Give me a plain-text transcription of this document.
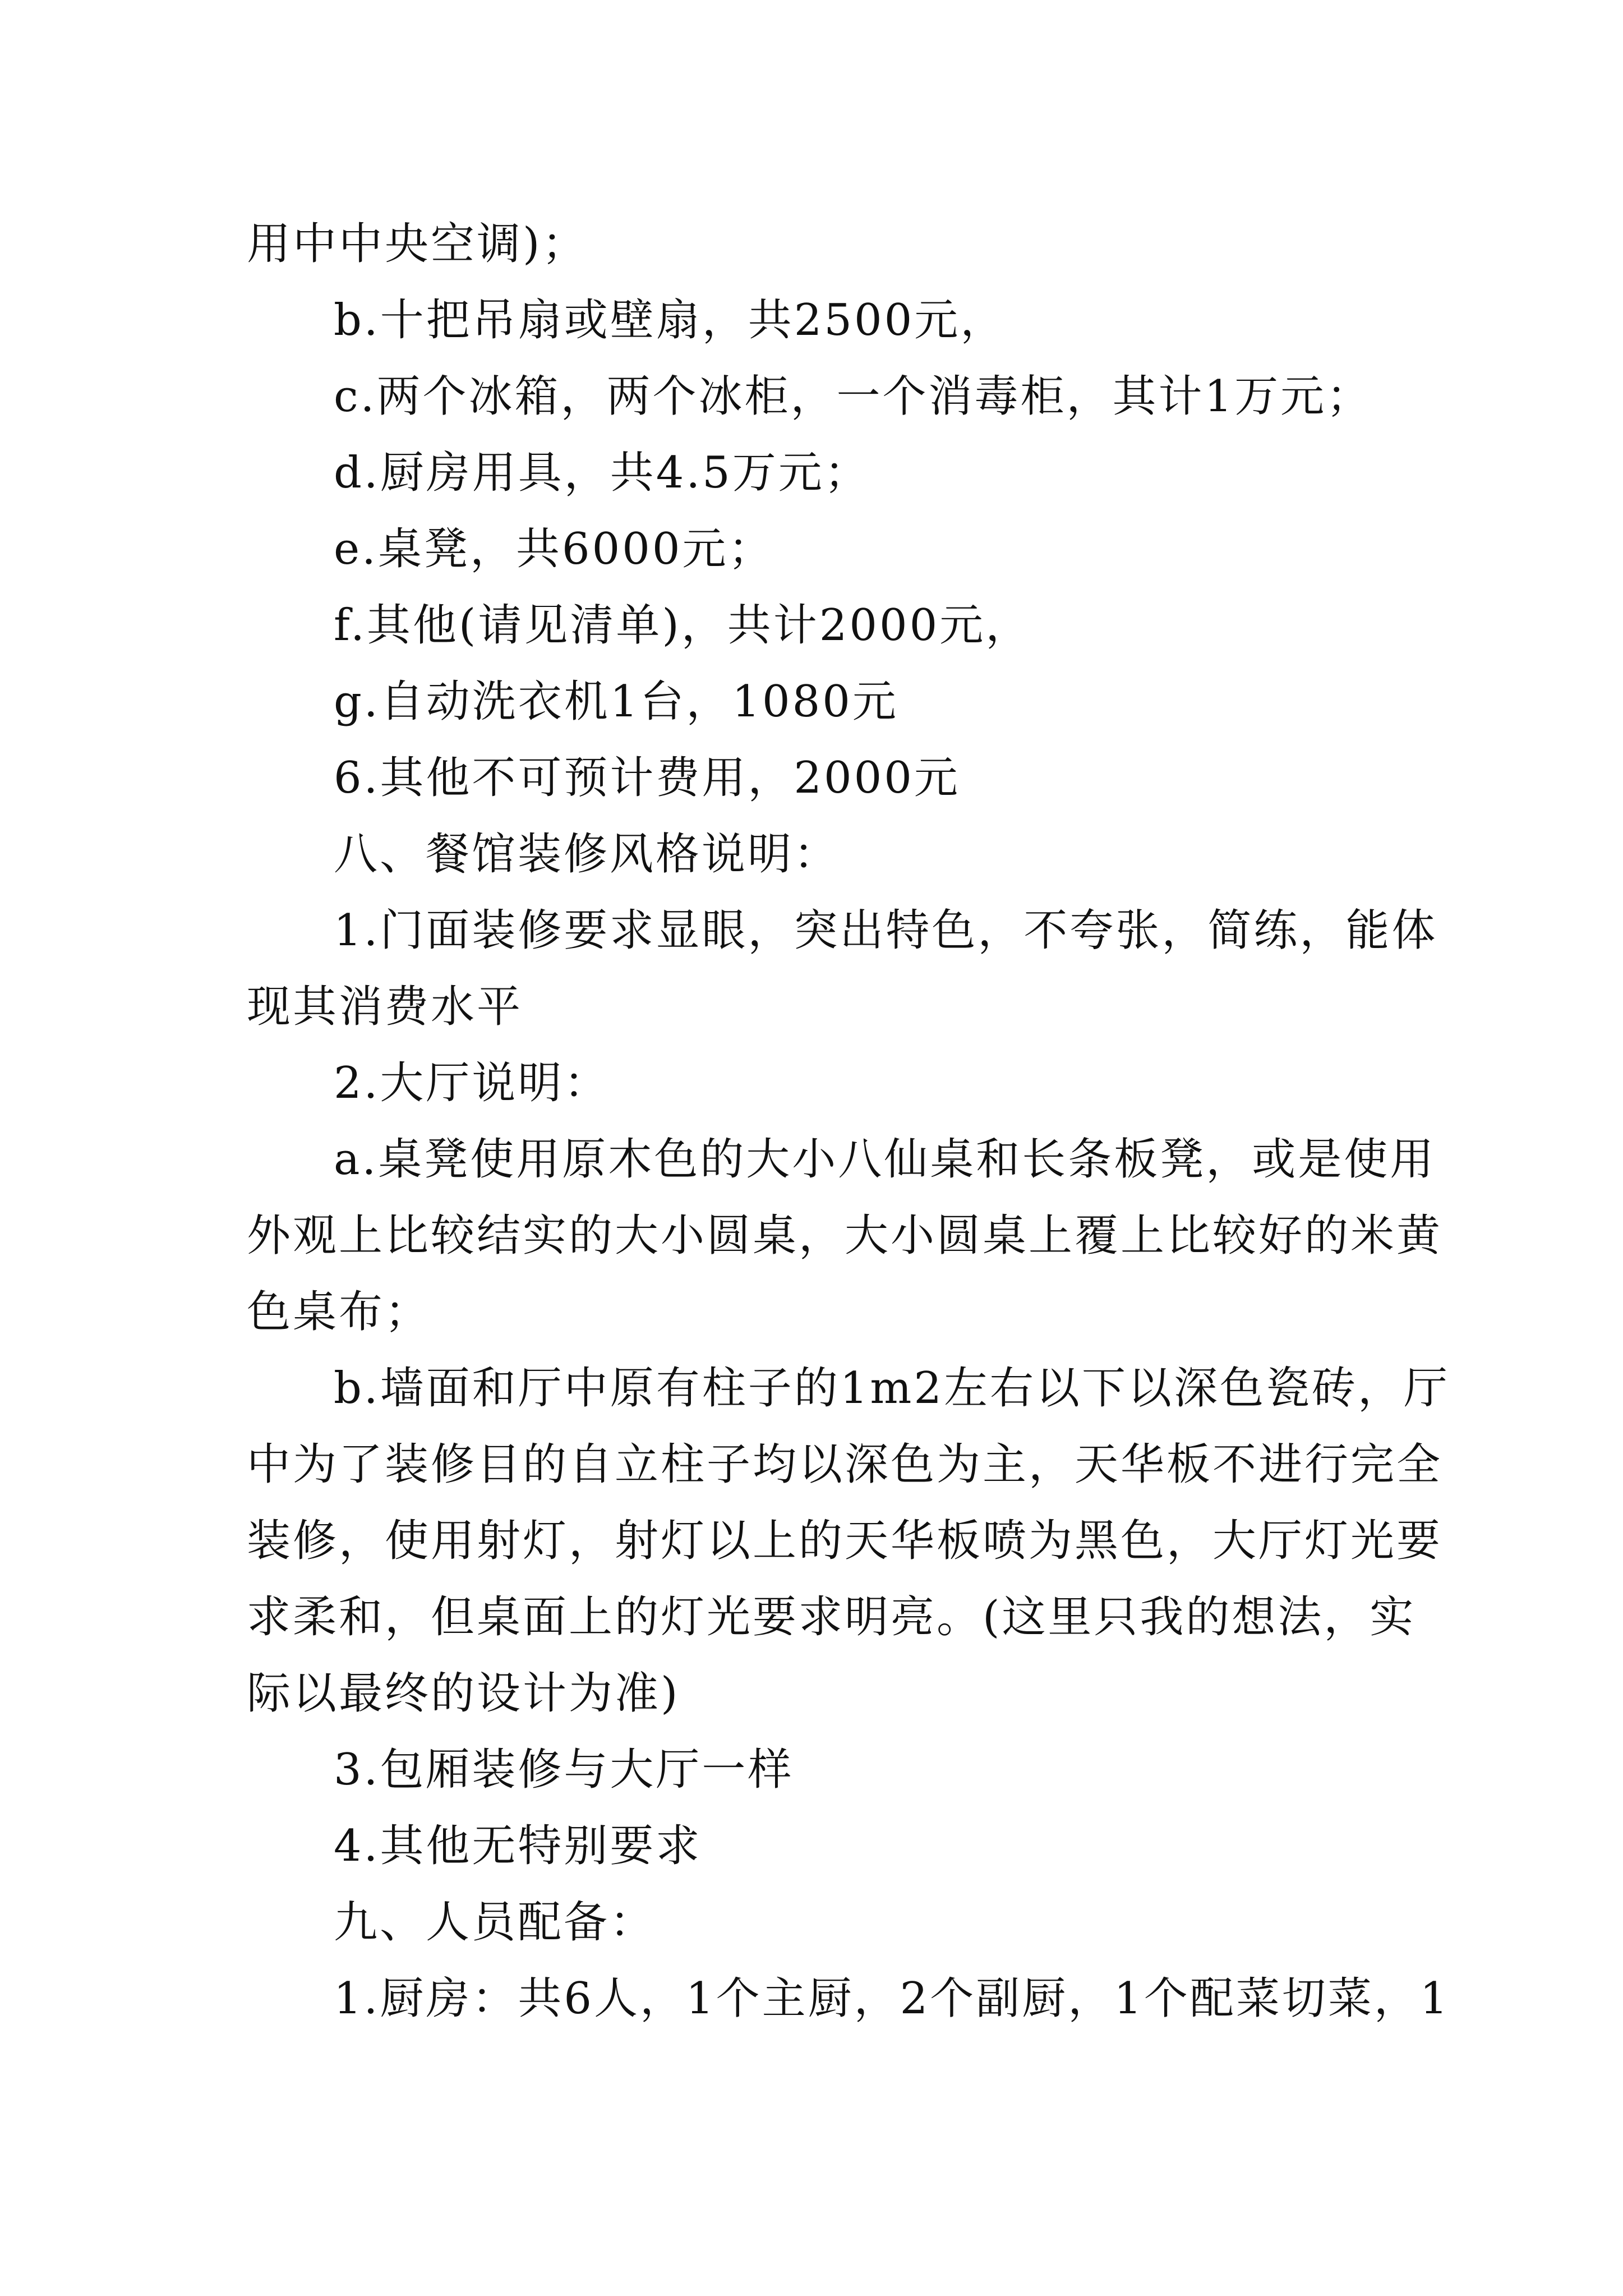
用中中央空调)；
b.十把吊扇或壁扇，共2500元，
c.两个冰箱，两个冰柜，一个消毒柜，其计1万元；
d.厨房用具，共4.5万元；
e.桌凳，共6000元；
f.其他(请见清单)，共计2000元，
g.自动洗衣机1台，1080元
6.其他不可预计费用，2000元
八、餐馆装修风格说明：
1.门面装修要求显眼，突出特色，不夸张，简练，能体
现其消费水平
2.大厅说明：
a.桌凳使用原木色的大小八仙桌和长条板凳，或是使用
外观上比较结实的大小圆桌，大小圆桌上覆上比较好的米黄
色桌布；
b.墙面和厅中原有柱子的1m2左右以下以深色瓷砖，厅
中为了装修目的自立柱子均以深色为主，天华板不进行完全
装修，使用射灯，射灯以上的天华板喷为黑色，大厅灯光要
求柔和，但桌面上的灯光要求明亮。(这里只我的想法，实
际以最终的设计为准)
3.包厢装修与大厅一样
4.其他无特别要求
九、人员配备：
1.厨房：共6人，1个主厨，2个副厨，1个配菜切菜，1
